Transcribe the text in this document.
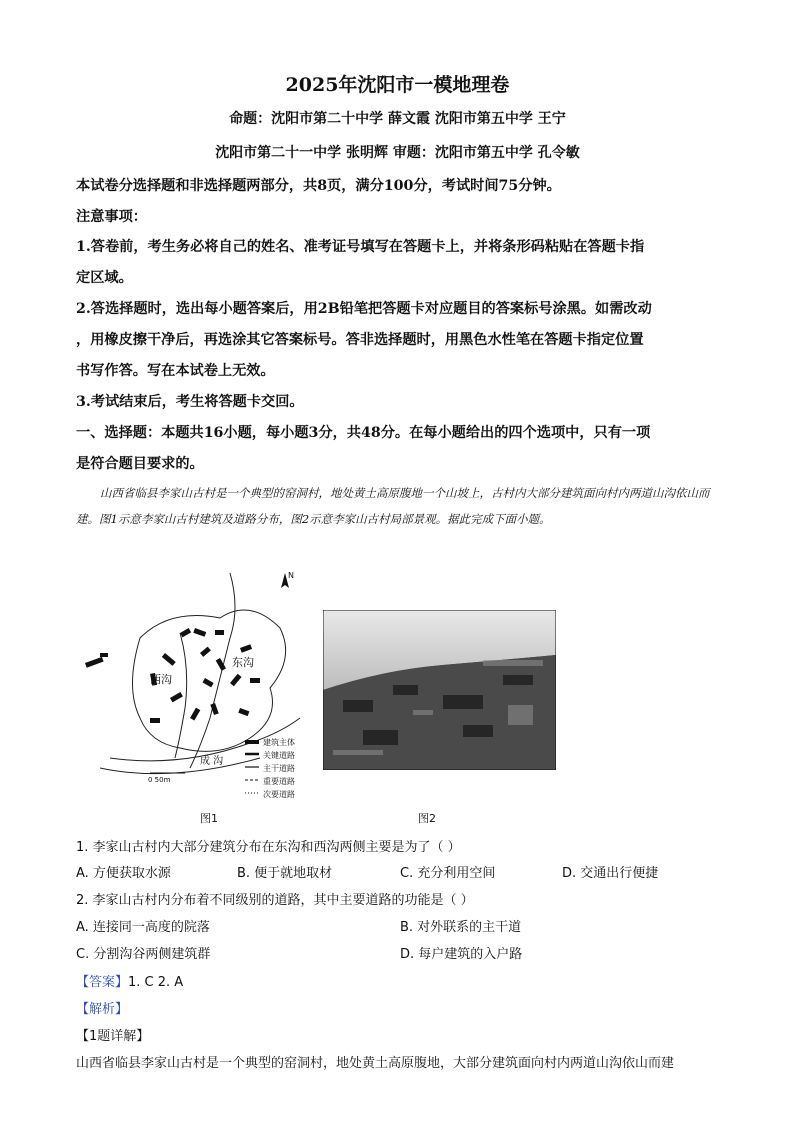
2025年沈阳市一模地理卷
命题：沈阳市第二十中学 薛文霞 沈阳市第五中学 王宁
沈阳市第二十一中学 张明辉 审题：沈阳市第五中学 孔令敏
本试卷分选择题和非选择题两部分，共8页，满分100分，考试时间75分钟。
注意事项：
1.答卷前，考生务必将自己的姓名、准考证号填写在答题卡上，并将条形码粘贴在答题卡指
定区域。
2.答选择题时，选出每小题答案后，用2B铅笔把答题卡对应题目的答案标号涂黑。如需改动
，用橡皮擦干净后，再选涂其它答案标号。答非选择题时，用黑色水性笔在答题卡指定位置
书写作答。写在本试卷上无效。
3.考试结束后，考生将答题卡交回。
一、选择题：本题共16小题，每小题3分，共48分。在每小题给出的四个选项中，只有一项
是符合题目要求的。
山西省临县李家山古村是一个典型的窑洞村，地处黄土高原腹地一个山坡上，古村内大部分建筑面向村内两道山沟依山而建。图1示意李家山古村建筑及道路分布，图2示意李家山古村局部景观。据此完成下面小题。
东沟
西沟
成 沟
N
0 50m
建筑主体
关键道路
主干道路
重要道路
次要道路
图1	图2
1. 李家山古村内大部分建筑分布在东沟和西沟两侧主要是为了（ ）
A. 方便获取水源	B. 便于就地取材	C. 充分利用空间	D. 交通出行便捷
2. 李家山古村内分布着不同级别的道路，其中主要道路的功能是（ ）
A. 连接同一高度的院落	B. 对外联系的主干道
C. 分割沟谷两侧建筑群	D. 每户建筑的入户路
【答案】1. C 2. A
【解析】
【1题详解】
山西省临县李家山古村是一个典型的窑洞村，地处黄土高原腹地，大部分建筑面向村内两道山沟依山而建
